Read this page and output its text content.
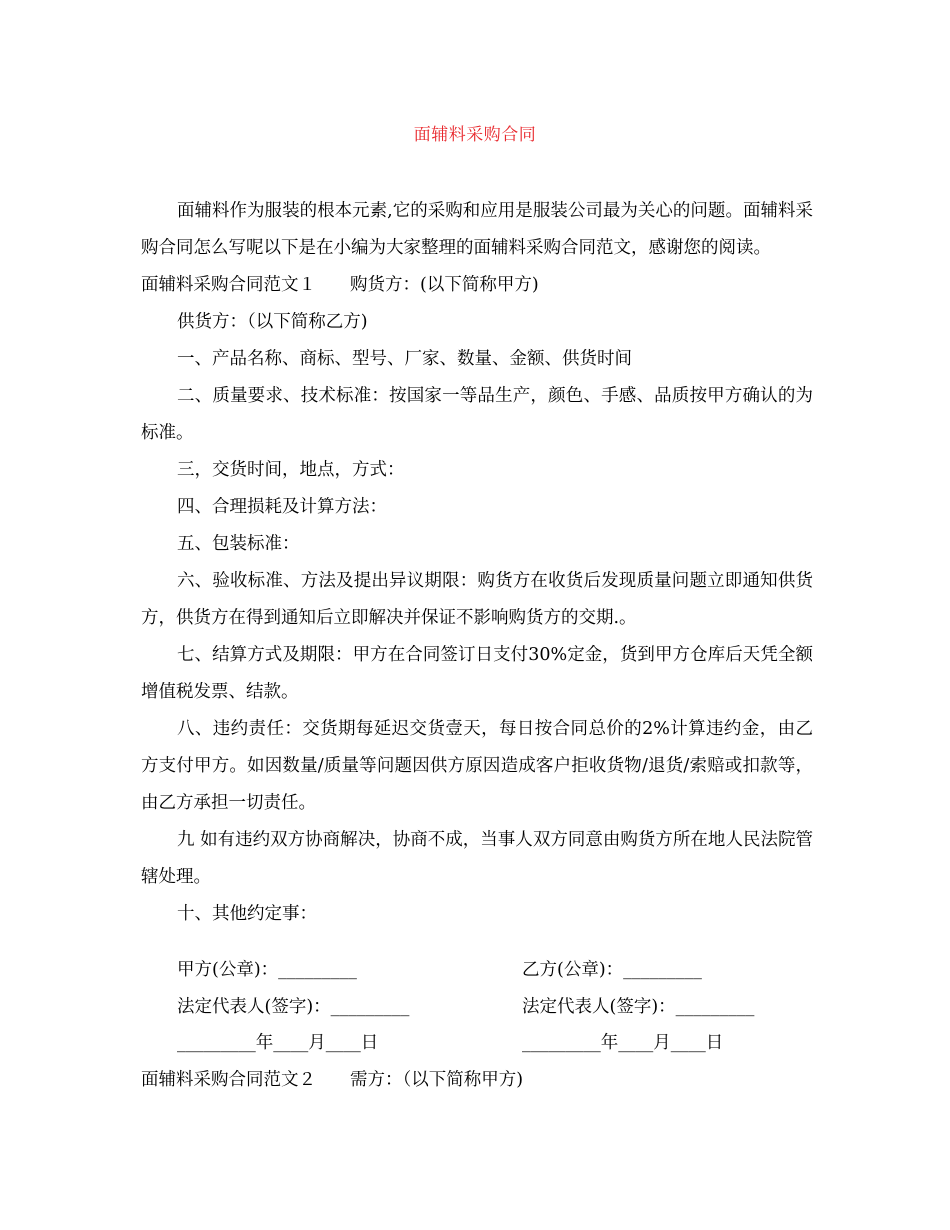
面辅料采购合同

面辅料作为服装的根本元素,它的采购和应用是服装公司最为关心的问题。面辅料采购合同怎么写呢以下是在小编为大家整理的面辅料采购合同范文，感谢您的阅读。

面辅料采购合同范文１ 购货方：(以下简称甲方)

供货方：（以下简称乙方)

一、产品名称、商标、型号、厂家、数量、金额、供货时间

二、质量要求、技术标准：按国家一等品生产，颜色、手感、品质按甲方确认的为标准。

三，交货时间，地点，方式：

四、合理损耗及计算方法：

五、包装标准：

六、验收标准、方法及提出异议期限：购货方在收货后发现质量问题立即通知供货方，供货方在得到通知后立即解决并保证不影响购货方的交期.。

七、结算方式及期限：甲方在合同签订日支付30%定金，货到甲方仓库后天凭全额增值税发票、结款。

八、违约责任：交货期每延迟交货壹天，每日按合同总价的2%计算违约金，由乙方支付甲方。如因数量/质量等问题因供方原因造成客户拒收货物/退货/索赔或扣款等，由乙方承担一切责任。

九 如有违约双方协商解决，协商不成，当事人双方同意由购货方所在地人民法院管辖处理。

十、其他约定事：

甲方(公章)：_________	乙方(公章)：_________
法定代表人(签字)：_________	法定代表人(签字)：_________
_________年____月____日	_________年____月____日
面辅料采购合同范文２ 需方：（以下简称甲方)
